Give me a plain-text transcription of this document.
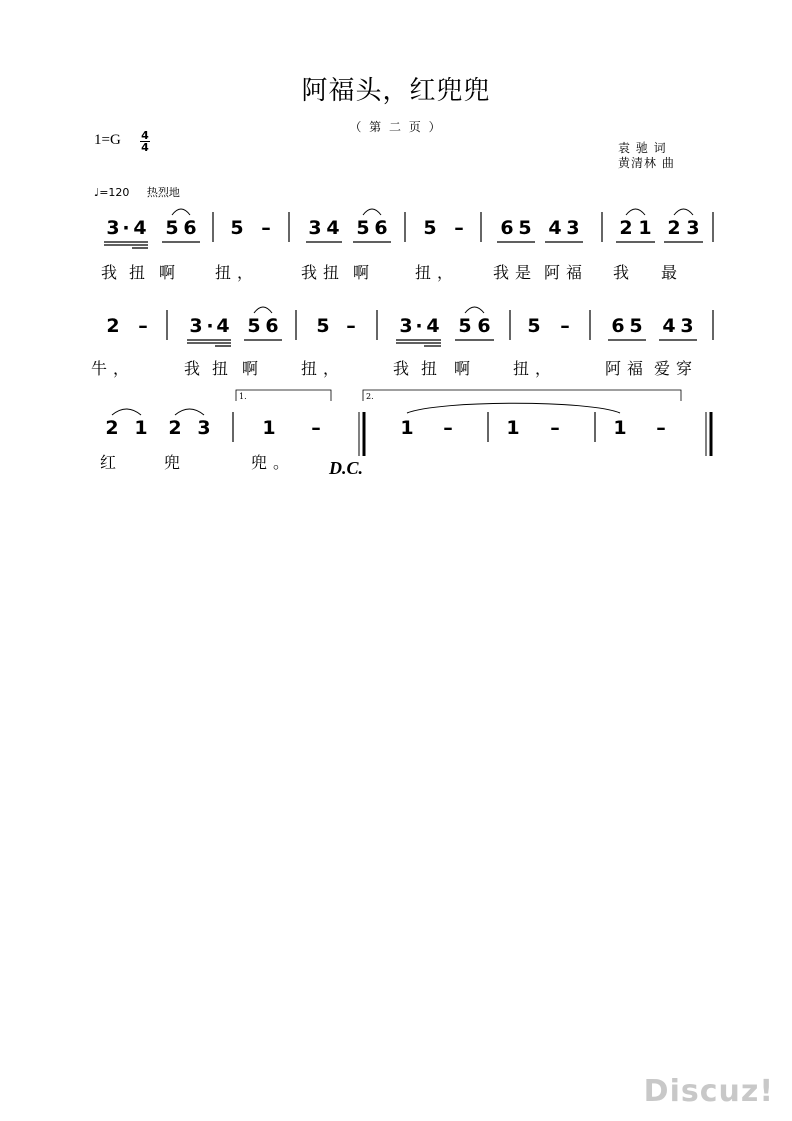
阿福头，红兜兜
（ 第 二 页 ）
1=G 4
4	袁 驰 词
黄清林 曲
♩=120 热烈地
3 · 4 5 6 5 – 3 4 5 6 5 – 6 5 4 3 2 1 2 3
我 扭 啊 扭，	我扭 啊 扭， 我是 阿福 我 最
2 – 3 · 4 5 6 5 – 3 · 4 5 6 5 – 6 5 4 3
牛，	我 扭 啊 扭，	我 扭 啊 扭，	阿福 爱穿
2 1 2 3	1 –	1 –	1 –	1 –
红	兜	兜。
1.	2.
D.C.
Discuz!
